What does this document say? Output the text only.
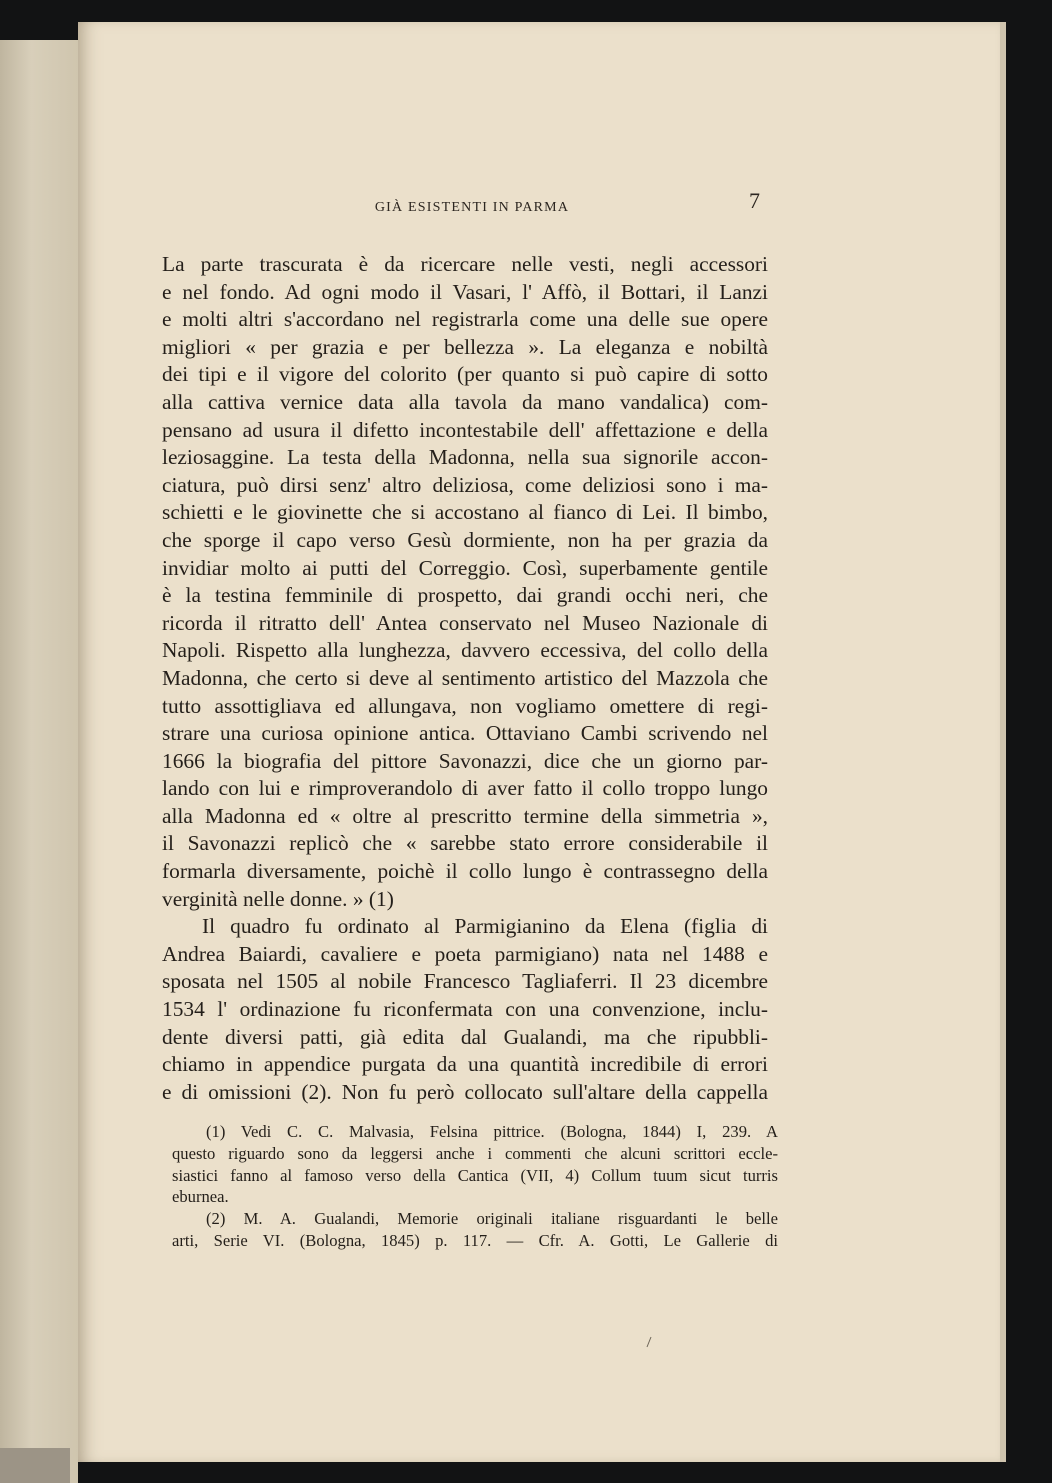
GIÀ ESISTENTI IN PARMA	7
La parte trascurata è da ricercare nelle vesti, negli accessori
e nel fondo. Ad ogni modo il Vasari, l' Affò, il Bottari, il Lanzi
e molti altri s'accordano nel registrarla come una delle sue opere
migliori « per grazia e per bellezza ». La eleganza e nobiltà
dei tipi e il vigore del colorito (per quanto si può capire di sotto
alla cattiva vernice data alla tavola da mano vandalica) com-
pensano ad usura il difetto incontestabile dell' affettazione e della
leziosaggine. La testa della Madonna, nella sua signorile accon-
ciatura, può dirsi senz' altro deliziosa, come deliziosi sono i ma-
schietti e le giovinette che si accostano al fianco di Lei. Il bimbo,
che sporge il capo verso Gesù dormiente, non ha per grazia da
invidiar molto ai putti del Correggio. Così, superbamente gentile
è la testina femminile di prospetto, dai grandi occhi neri, che
ricorda il ritratto dell' Antea conservato nel Museo Nazionale di
Napoli. Rispetto alla lunghezza, davvero eccessiva, del collo della
Madonna, che certo si deve al sentimento artistico del Mazzola che
tutto assottigliava ed allungava, non vogliamo omettere di regi-
strare una curiosa opinione antica. Ottaviano Cambi scrivendo nel
1666 la biografia del pittore Savonazzi, dice che un giorno par-
lando con lui e rimproverandolo di aver fatto il collo troppo lungo
alla Madonna ed « oltre al prescritto termine della simmetria »,
il Savonazzi replicò che « sarebbe stato errore considerabile il
formarla diversamente, poichè il collo lungo è contrassegno della
verginità nelle donne. » (1)
Il quadro fu ordinato al Parmigianino da Elena (figlia di
Andrea Baiardi, cavaliere e poeta parmigiano) nata nel 1488 e
sposata nel 1505 al nobile Francesco Tagliaferri. Il 23 dicembre
1534 l' ordinazione fu riconfermata con una convenzione, inclu-
dente diversi patti, già edita dal Gualandi, ma che ripubbli-
chiamo in appendice purgata da una quantità incredibile di errori
e di omissioni (2). Non fu però collocato sull'altare della cappella
(1) Vedi C. C. Malvasia, Felsina pittrice. (Bologna, 1844) I, 239. A
questo riguardo sono da leggersi anche i commenti che alcuni scrittori eccle-
siastici fanno al famoso verso della Cantica (VII, 4) Collum tuum sicut turris
eburnea.
(2) M. A. Gualandi, Memorie originali italiane risguardanti le belle
arti, Serie VI. (Bologna, 1845) p. 117. — Cfr. A. Gotti, Le Gallerie di
